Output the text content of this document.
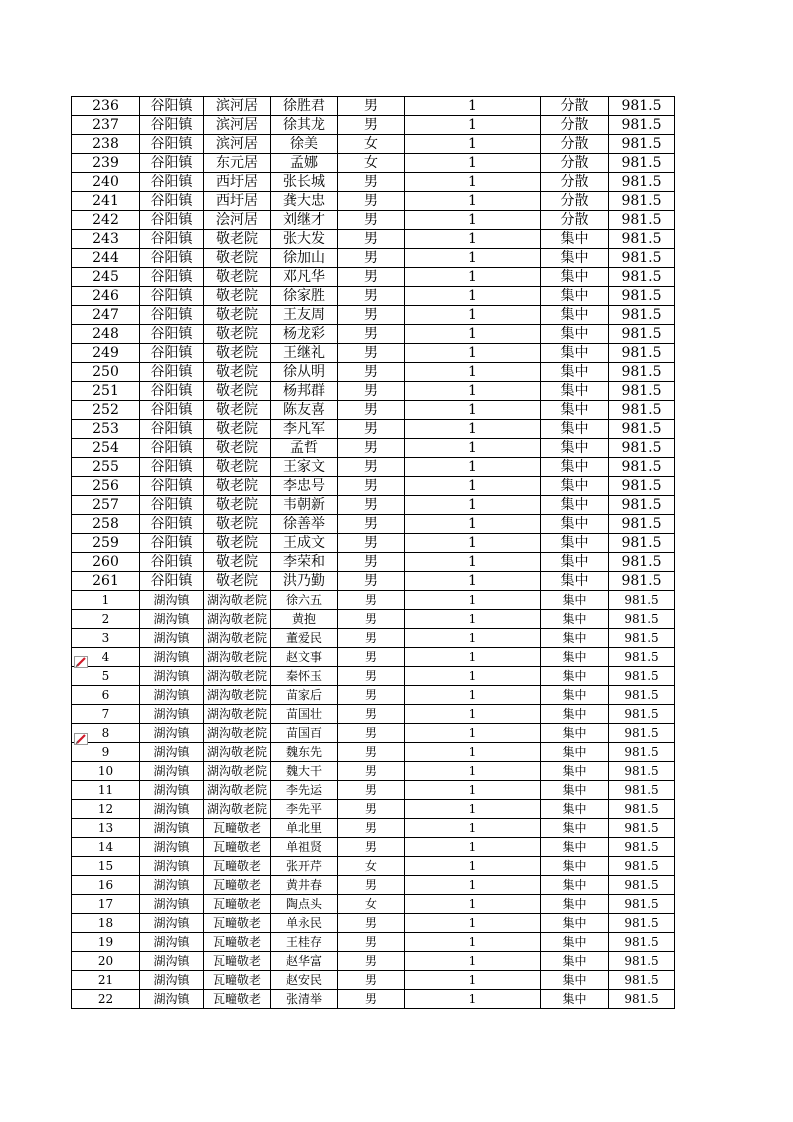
236	谷阳镇	滨河居	徐胜君	男	1	分散	981.5
237	谷阳镇	滨河居	徐其龙	男	1	分散	981.5
238	谷阳镇	滨河居	徐美	女	1	分散	981.5
239	谷阳镇	东元居	孟娜	女	1	分散	981.5
240	谷阳镇	西圩居	张长城	男	1	分散	981.5
241	谷阳镇	西圩居	龚大忠	男	1	分散	981.5
242	谷阳镇	浍河居	刘继才	男	1	分散	981.5
243	谷阳镇	敬老院	张大发	男	1	集中	981.5
244	谷阳镇	敬老院	徐加山	男	1	集中	981.5
245	谷阳镇	敬老院	邓凡华	男	1	集中	981.5
246	谷阳镇	敬老院	徐家胜	男	1	集中	981.5
247	谷阳镇	敬老院	王友周	男	1	集中	981.5
248	谷阳镇	敬老院	杨龙彩	男	1	集中	981.5
249	谷阳镇	敬老院	王继礼	男	1	集中	981.5
250	谷阳镇	敬老院	徐从明	男	1	集中	981.5
251	谷阳镇	敬老院	杨邦群	男	1	集中	981.5
252	谷阳镇	敬老院	陈友喜	男	1	集中	981.5
253	谷阳镇	敬老院	李凡军	男	1	集中	981.5
254	谷阳镇	敬老院	孟哲	男	1	集中	981.5
255	谷阳镇	敬老院	王家文	男	1	集中	981.5
256	谷阳镇	敬老院	李忠号	男	1	集中	981.5
257	谷阳镇	敬老院	韦朝新	男	1	集中	981.5
258	谷阳镇	敬老院	徐善举	男	1	集中	981.5
259	谷阳镇	敬老院	王成文	男	1	集中	981.5
260	谷阳镇	敬老院	李荣和	男	1	集中	981.5
261	谷阳镇	敬老院	洪乃勤	男	1	集中	981.5
1	湖沟镇	湖沟敬老院	徐六五	男	1	集中	981.5
2	湖沟镇	湖沟敬老院	黄抱	男	1	集中	981.5
3	湖沟镇	湖沟敬老院	董爱民	男	1	集中	981.5
4	湖沟镇	湖沟敬老院	赵文事	男	1	集中	981.5
5	湖沟镇	湖沟敬老院	秦怀玉	男	1	集中	981.5
6	湖沟镇	湖沟敬老院	苗家后	男	1	集中	981.5
7	湖沟镇	湖沟敬老院	苗国壮	男	1	集中	981.5
8	湖沟镇	湖沟敬老院	苗国百	男	1	集中	981.5
9	湖沟镇	湖沟敬老院	魏东先	男	1	集中	981.5
10	湖沟镇	湖沟敬老院	魏大干	男	1	集中	981.5
11	湖沟镇	湖沟敬老院	李先运	男	1	集中	981.5
12	湖沟镇	湖沟敬老院	李先平	男	1	集中	981.5
13	湖沟镇	瓦疃敬老	单北里	男	1	集中	981.5
14	湖沟镇	瓦疃敬老	单祖贤	男	1	集中	981.5
15	湖沟镇	瓦疃敬老	张开芹	女	1	集中	981.5
16	湖沟镇	瓦疃敬老	黄井春	男	1	集中	981.5
17	湖沟镇	瓦疃敬老	陶点头	女	1	集中	981.5
18	湖沟镇	瓦疃敬老	单永民	男	1	集中	981.5
19	湖沟镇	瓦疃敬老	王桂存	男	1	集中	981.5
20	湖沟镇	瓦疃敬老	赵华富	男	1	集中	981.5
21	湖沟镇	瓦疃敬老	赵安民	男	1	集中	981.5
22	湖沟镇	瓦疃敬老	张清举	男	1	集中	981.5
